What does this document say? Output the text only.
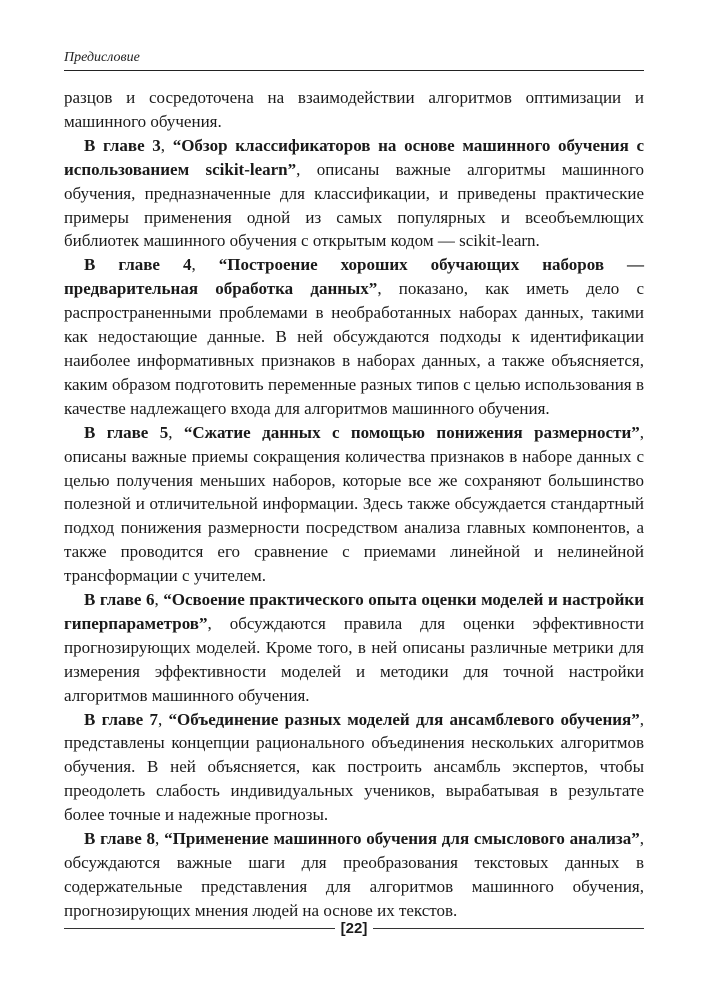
Предисловие

разцов и сосредоточена на взаимодействии алгоритмов оптимизации и машинного обучения.

В главе 3, “Обзор классификаторов на основе машинного обучения с использованием scikit-learn”, описаны важные алгоритмы машинного обучения, предназначенные для классификации, и приведены практические примеры применения одной из самых популярных и всеобъемлющих библиотек машинного обучения с открытым кодом — scikit-learn.

В главе 4, “Построение хороших обучающих наборов — предварительная обработка данных”, показано, как иметь дело с распространенными проблемами в необработанных наборах данных, такими как недостающие данные. В ней обсуждаются подходы к идентификации наиболее информативных признаков в наборах данных, а также объясняется, каким образом подготовить переменные разных типов с целью использования в качестве надлежащего входа для алгоритмов машинного обучения.

В главе 5, “Сжатие данных с помощью понижения размерности”, описаны важные приемы сокращения количества признаков в наборе данных с целью получения меньших наборов, которые все же сохраняют большинство полезной и отличительной информации. Здесь также обсуждается стандартный подход понижения размерности посредством анализа главных компонентов, а также проводится его сравнение с приемами линейной и нелинейной трансформации с учителем.

В главе 6, “Освоение практического опыта оценки моделей и настройки гиперпараметров”, обсуждаются правила для оценки эффективности прогнозирующих моделей. Кроме того, в ней описаны различные метрики для измерения эффективности моделей и методики для точной настройки алгоритмов машинного обучения.

В главе 7, “Объединение разных моделей для ансамблевого обучения”, представлены концепции рационального объединения нескольких алгоритмов обучения. В ней объясняется, как построить ансамбль экспертов, чтобы преодолеть слабость индивидуальных учеников, вырабатывая в результате более точные и надежные прогнозы.

В главе 8, “Применение машинного обучения для смыслового анализа”, обсуждаются важные шаги для преобразования текстовых данных в содержательные представления для алгоритмов машинного обучения, прогнозирующих мнения людей на основе их текстов.

[22]
